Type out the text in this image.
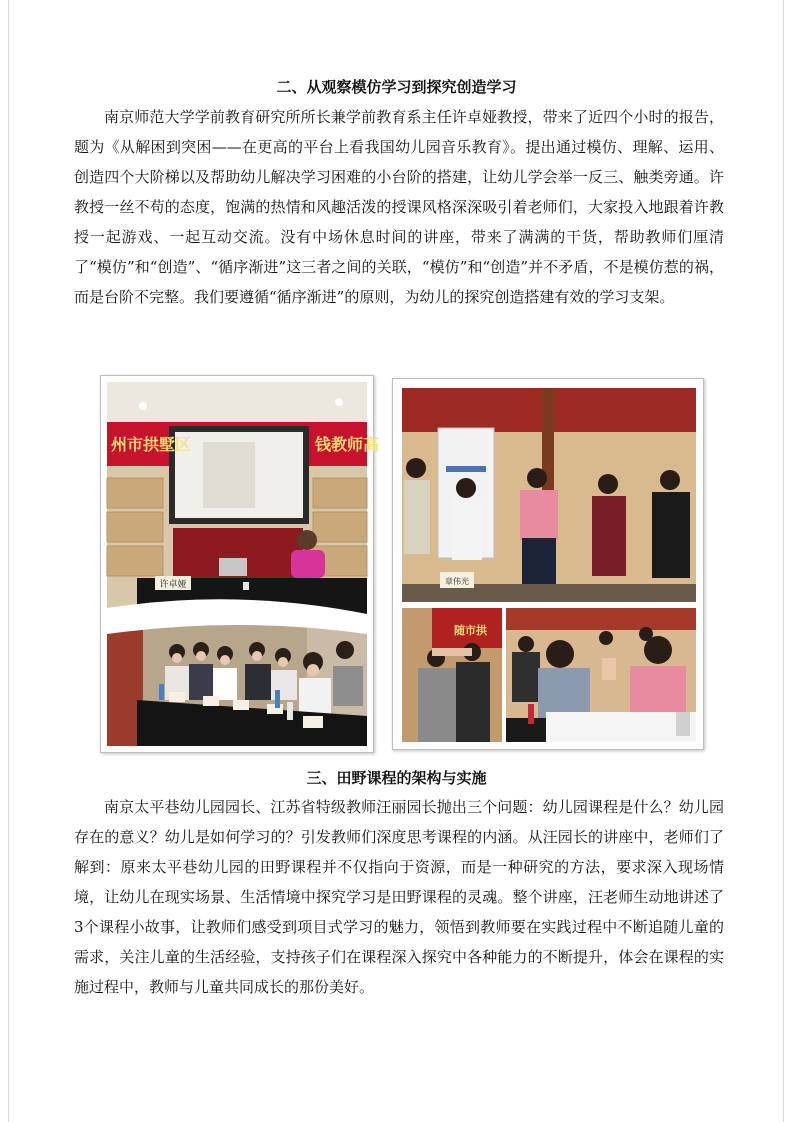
二、从观察模仿学习到探究创造学习

南京师范大学学前教育研究所所长兼学前教育系主任许卓娅教授，带来了近四个小时的报告，题为《从解困到突困——在更高的平台上看我国幼儿园音乐教育》。提出通过模仿、理解、运用、创造四个大阶梯以及帮助幼儿解决学习困难的小台阶的搭建，让幼儿学会举一反三、触类旁通。许教授一丝不苟的态度，饱满的热情和风趣活泼的授课风格深深吸引着老师们，大家投入地跟着许教授一起游戏、一起互动交流。没有中场休息时间的讲座，带来了满满的干货，帮助教师们厘清了“模仿”和“创造”、“循序渐进”这三者之间的关联，“模仿”和“创造”并不矛盾，不是模仿惹的祸，而是台阶不完整。我们要遵循“循序渐进”的原则，为幼儿的探究创造搭建有效的学习支架。

许卓娅
州市拱墅区	钱教师高
章伟光
随市拱
三、田野课程的架构与实施

南京太平巷幼儿园园长、江苏省特级教师汪丽园长抛出三个问题：幼儿园课程是什么？幼儿园存在的意义？幼儿是如何学习的？引发教师们深度思考课程的内涵。从汪园长的讲座中，老师们了解到：原来太平巷幼儿园的田野课程并不仅指向于资源，而是一种研究的方法，要求深入现场情境，让幼儿在现实场景、生活情境中探究学习是田野课程的灵魂。整个讲座，汪老师生动地讲述了3个课程小故事，让教师们感受到项目式学习的魅力，领悟到教师要在实践过程中不断追随儿童的需求，关注儿童的生活经验，支持孩子们在课程深入探究中各种能力的不断提升，体会在课程的实施过程中，教师与儿童共同成长的那份美好。
